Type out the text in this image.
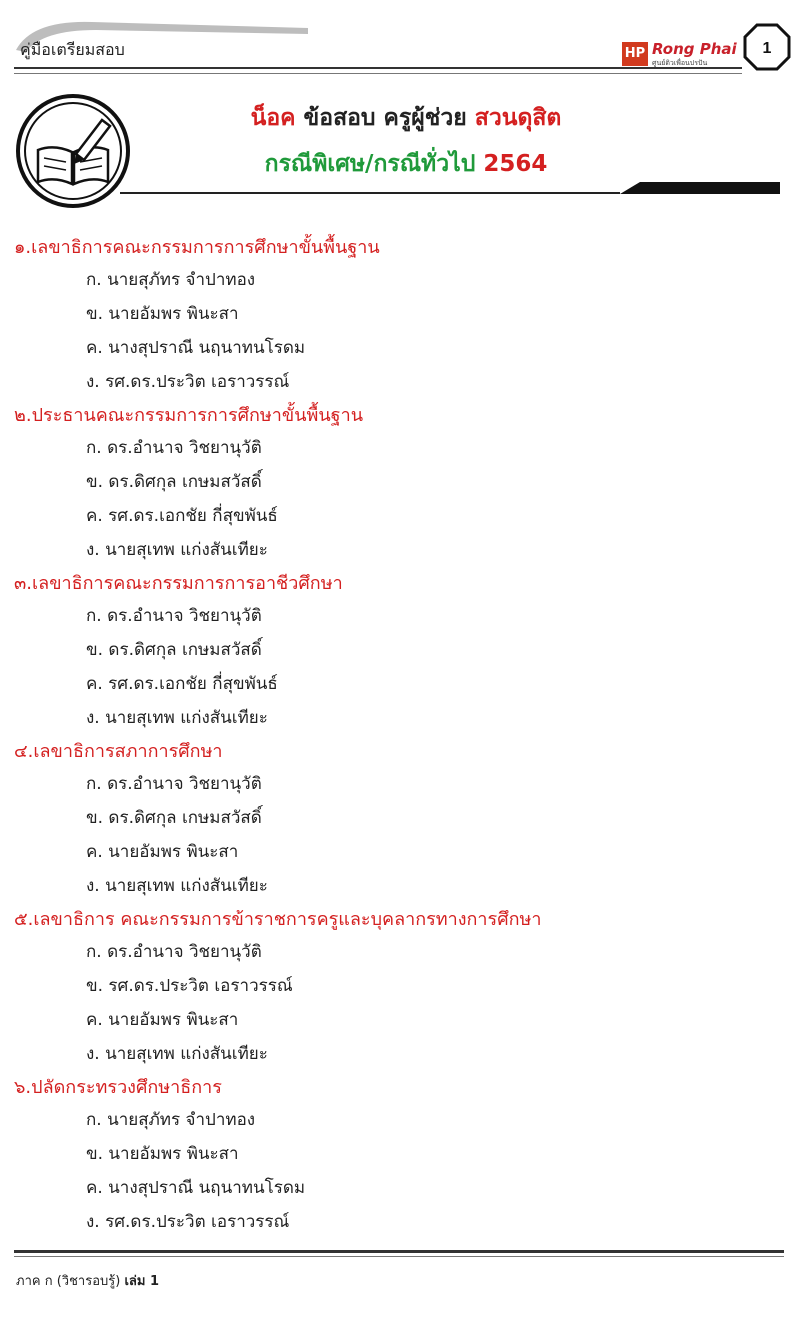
คู่มือเตรียมสอบ	HP Rong Phai
ศูนย์ติวเพื่อนปรปัน
1
น็อค ข้อสอบ ครูผู้ช่วย สวนดุสิต
กรณีพิเศษ/กรณีทั่วไป 2564
๑.เลขาธิการคณะกรรมการการศึกษาขั้นพื้นฐาน
ก. นายสุภัทร จำปาทอง
ข. นายอัมพร พินะสา
ค. นางสุปราณี นฤนาทนโรดม
ง. รศ.ดร.ประวิต เอราวรรณ์
๒.ประธานคณะกรรมการการศึกษาขั้นพื้นฐาน
ก. ดร.อำนาจ วิชยานุวัติ
ข. ดร.ดิศกุล เกษมสวัสดิ์
ค. รศ.ดร.เอกชัย กี่สุขพันธ์
ง. นายสุเทพ แก่งสันเทียะ
๓.เลขาธิการคณะกรรมการการอาชีวศึกษา
ก. ดร.อำนาจ วิชยานุวัติ
ข. ดร.ดิศกุล เกษมสวัสดิ์
ค. รศ.ดร.เอกชัย กี่สุขพันธ์
ง. นายสุเทพ แก่งสันเทียะ
๔.เลขาธิการสภาการศึกษา
ก. ดร.อำนาจ วิชยานุวัติ
ข. ดร.ดิศกุล เกษมสวัสดิ์
ค. นายอัมพร พินะสา
ง. นายสุเทพ แก่งสันเทียะ
๕.เลขาธิการ คณะกรรมการข้าราชการครูและบุคลากรทางการศึกษา
ก. ดร.อำนาจ วิชยานุวัติ
ข. รศ.ดร.ประวิต เอราวรรณ์
ค. นายอัมพร พินะสา
ง. นายสุเทพ แก่งสันเทียะ
๖.ปลัดกระทรวงศึกษาธิการ
ก. นายสุภัทร จำปาทอง
ข. นายอัมพร พินะสา
ค. นางสุปราณี นฤนาทนโรดม
ง. รศ.ดร.ประวิต เอราวรรณ์
ภาค ก (วิชารอบรู้) เล่ม 1
